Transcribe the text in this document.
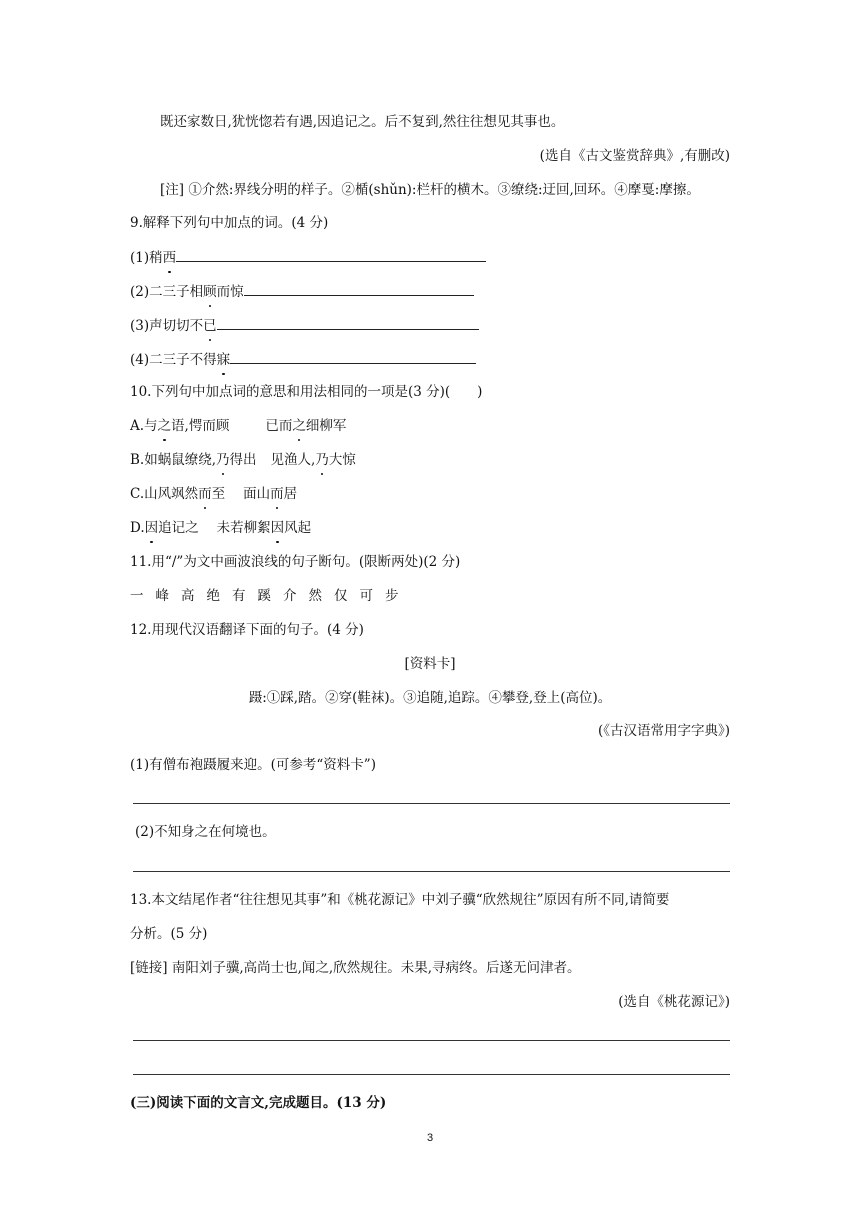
既还家数日,犹恍惚若有遇,因追记之。后不复到,然往往想见其事也。
(选自《古文鉴赏辞典》,有删改)
[注] ①介然:界线分明的样子。②楯(shǔn):栏杆的横木。③缭绕:迂回,回环。④摩戛:摩擦。
9.解释下列句中加点的词。(4 分)
(1)稍西
(2)二三子相顾而惊
(3)声切切不已
(4)二三子不得寐
10.下列句中加点词的意思和用法相同的一项是(3 分)(　　)
A.与之语,愕而顾	已而之细柳军
B.如蜗鼠缭绕,乃得出 见渔人,乃大惊
C.山风飒然而至 面山而居
D.因追记之 未若柳絮因风起
11.用“/”为文中画波浪线的句子断句。(限断两处)(2 分)
一峰高绝有蹊介然仅可步
12.用现代汉语翻译下面的句子。(4 分)
[资料卡]
蹑:①踩,踏。②穿(鞋袜)。③追随,追踪。④攀登,登上(高位)。
(《古汉语常用字字典》)
(1)有僧布袍蹑履来迎。(可参考“资料卡”)
(2)不知身之在何境也。
13.本文结尾作者“往往想见其事”和《桃花源记》中刘子骥“欣然规往”原因有所不同,请简要
分析。(5 分)
[链接] 南阳刘子骥,高尚士也,闻之,欣然规往。未果,寻病终。后遂无问津者。
(选自《桃花源记》)
(三)阅读下面的文言文,完成题目。(13 分)
3
